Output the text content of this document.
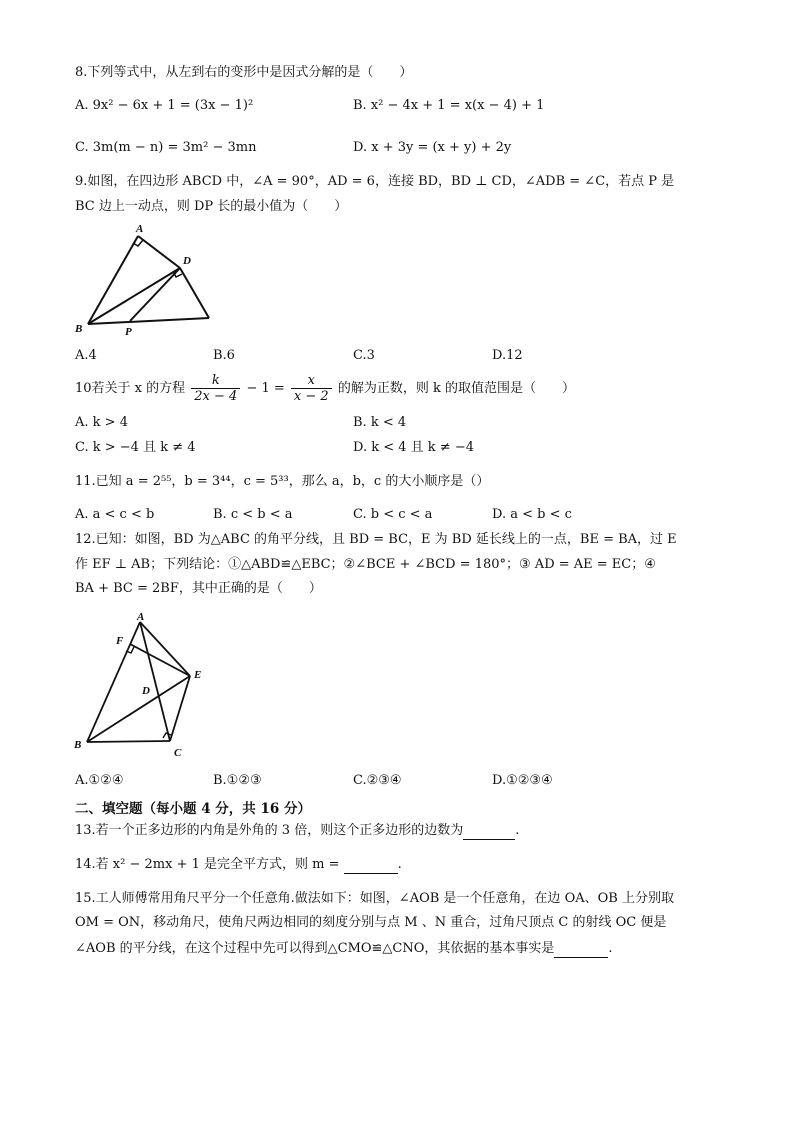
8.下列等式中，从左到右的变形中是因式分解的是（　　）
A. 9x² − 6x + 1 = (3x − 1)²	B. x² − 4x + 1 = x(x − 4) + 1
C. 3m(m − n) = 3m² − 3mn	D. x + 3y = (x + y) + 2y
9.如图，在四边形 ABCD 中，∠A = 90°，AD = 6，连接 BD，BD ⊥ CD，∠ADB = ∠C，若点 P 是
BC 边上一动点，则 DP 长的最小值为（　　）
A
D
B	P
A.4	B.6	C.3	D.12
10若关于 x 的方程 $\frac{k}{2x - 4} - 1 = \frac{x}{x - 2}$ 的解为正数，则 k 的取值范围是（　　）
A. k > 4	B. k < 4
C. k > −4 且 k ≠ 4	D. k < 4 且 k ≠ −4
11.已知 a = 2⁵⁵，b = 3⁴⁴，c = 5³³，那么 a，b，c 的大小顺序是（）
A. a < c < b	B. c < b < a	C. b < c < a	D. a < b < c
12.已知：如图，BD 为△ABC 的角平分线，且 BD = BC，E 为 BD 延长线上的一点，BE = BA，过 E
作 EF ⊥ AB；下列结论：①△ABD≌△EBC；②∠BCE + ∠BCD = 180°；③ AD = AE = EC；④
BA + BC = 2BF，其中正确的是（　　）
A
F
E
D
B
C
A.①②④	B.①②③	C.②③④	D.①②③④
二、填空题（每小题 4 分，共 16 分）
13.若一个正多边形的内角是外角的 3 倍，则这个正多边形的边数为	.
14.若 x² − 2mx + 1 是完全平方式，则 m =	.
15.工人师傅常用角尺平分一个任意角.做法如下：如图，∠AOB 是一个任意角，在边 OA、OB 上分别取
OM = ON，移动角尺，使角尺两边相同的刻度分别与点 M 、N 重合，过角尺顶点 C 的射线 OC 便是
∠AOB 的平分线，在这个过程中先可以得到△CMO≌△CNO，其依据的基本事实是	.
